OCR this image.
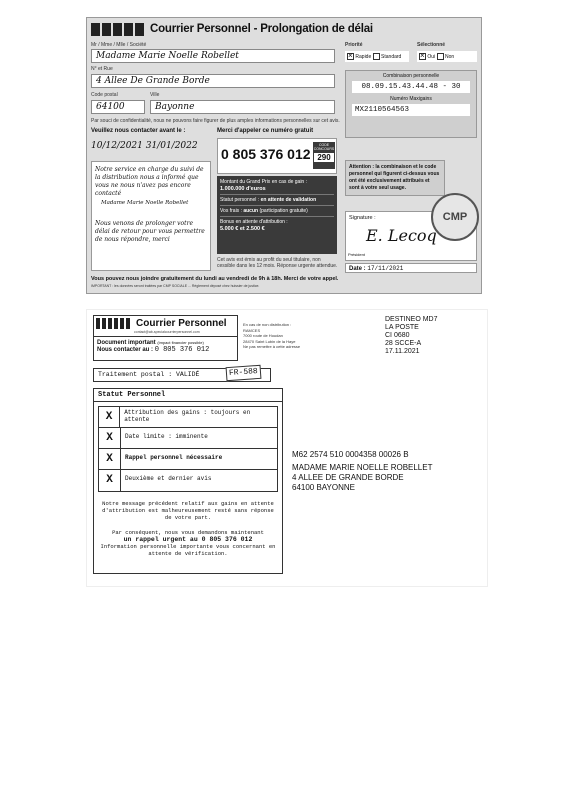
Courrier Personnel - Prolongation de délai
Mr / Mme / Mlle / Société
Madame Marie Noelle Robellet
N° et Rue
4 Allee De Grande Borde
Code postal
64100
Ville
Bayonne
Par souci de confidentialité, nous ne pouvons faire figurer de plus amples informations personnelles sur cet avis.
Veuillez nous contacter avant le :
10/12/2021 31/01/2022
Notre service en charge du suivi de la distribution nous a informé que vous ne nous n'avez pas encore contacté
Madame Marie Noelle Robellet
Nous venons de prolonger votre délai de retour pour vous permettre de nous répondre, merci
Merci d'appeler ce numéro gratuit
0 805 376 012
CODE CONCOURS
290
Montant du Grand Prix en cas de gain :
1.000.000 d'euros
Statut personnel : en attente de validation
Vos frais : aucun (participation gratuite)
Bonus en attente d'attribution :
5.000 € et 2.500 €
Cet avis est émis au profit du seul titulaire, non cessible dans les 12 mois. Réponse urgente attendue.
Vous pouvez nous joindre gratuitement du lundi au vendredi de 9h à 18h. Merci de votre appel.
IMPORTANT : les données seront traitées par CMP SOCIALE ... Règlement déposé chez huissier de justice.
Priorité
× Rapide Standard
Sélectionné
× Oui Non
Combinaison personnelle
08.09.15.43.44.48 - 30
Numéro Maxigains
MX2110564563
Attention : la combinaison et le code personnel qui figurent ci-dessus vous ont été exclusivement attribués et sont à votre seul usage.
Signature :
E. Lecoq
Président
CMP
Date : 17/11/2021
Courrier Personnel
contact@ab-specialcourrierpersonnel.com
Document important (impact financier possible)
Nous contacter au : 0 805 376 012
En cas de non distribution :
RAMCES
7000 route de Houdan
28470 Saint Lubin de la Haye
Ne pas remettre à cette adresse
DESTINEO MD7
LA POSTE
CI 0680
28 SCCE-A
17.11.2021
Traitement postal : VALIDÉ	FR-588
Statut Personnel
X	Attribution des gains : toujours en attente
X	Date limite : imminente
X	Rappel personnel nécessaire
X	Deuxième et dernier avis
Notre message précédent relatif aux gains en attente d'attribution est malheureusement resté sans réponse de votre part.
Par conséquent, nous vous demandons maintenant
un rappel urgent au 0 805 376 012
Information personnelle importante vous concernant en attente de vérification.
M62 2574 510 0004358 00026 B
MADAME MARIE NOELLE ROBELLET
4 ALLEE DE GRANDE BORDE
64100 BAYONNE
